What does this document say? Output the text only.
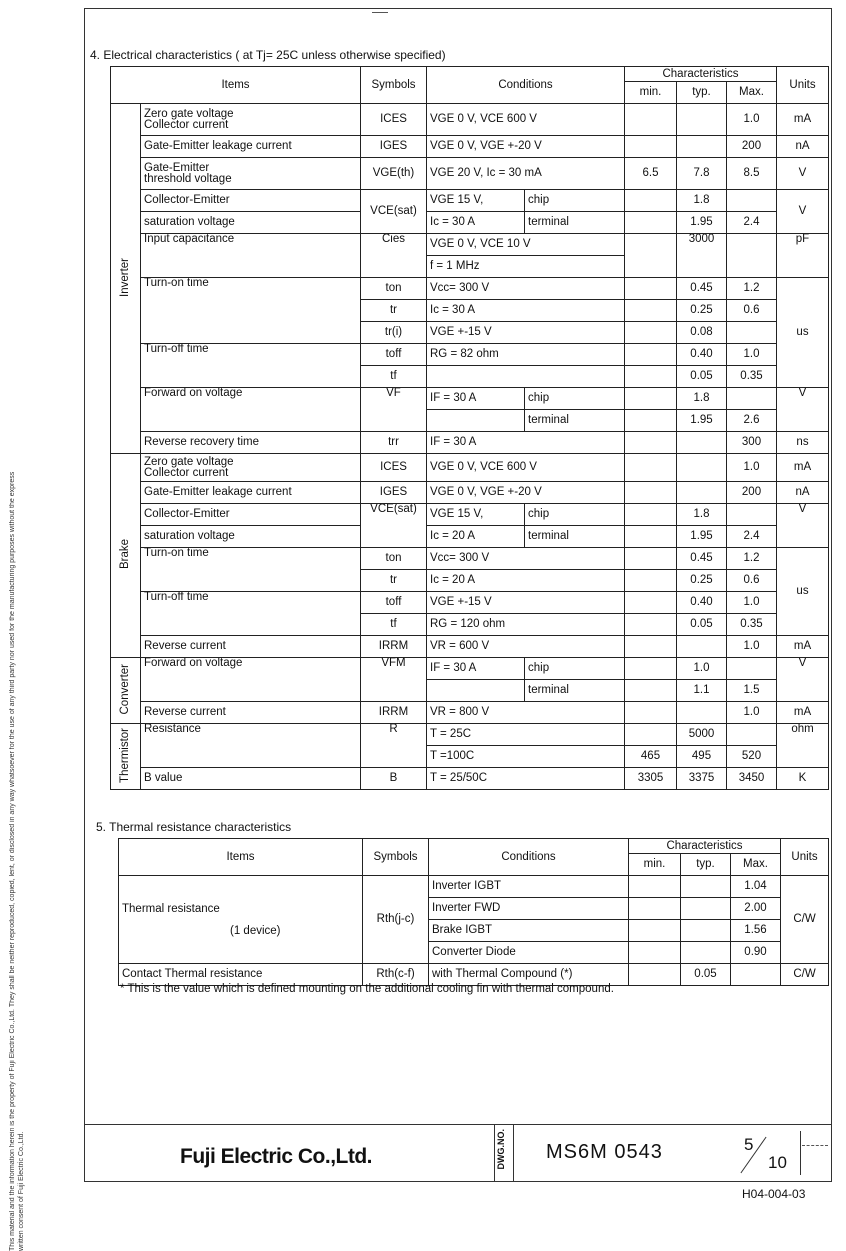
This material and the information herein is the property of Fuji Electric Co.,Ltd. They shall be neither reproduced, copied, lent, or disclosed in any way whatsoever for the use of any third party nor used for the manufacturing purposes without the express written consent of Fuji Electric Co.,Ltd.
4. Electrical characteristics ( at Tj= 25C unless otherwise specified)
Items		Symbols	Conditions		Characteristics			Units
					min.	typ.	Max.	
Inverter	Zero gate voltage
Collector current	ICES	VGE 0 V, VCE 600 V				1.0	mA
	Gate-Emitter leakage current	IGES	VGE 0 V, VGE +-20 V				200	nA
	Gate-Emitter
threshold voltage	VGE(th)	VGE 20 V, Ic = 30 mA		6.5	7.8	8.5	V
	Collector-Emitter	VCE(sat)	VGE 15 V,	chip		1.8		V
	saturation voltage		Ic = 30 A	terminal		1.95	2.4	
	Input capacitance	Cies	VGE 0 V, VCE 10 V			3000		pF
			f = 1 MHz					
	Turn-on time	ton	Vcc= 300 V			0.45	1.2	us
		tr	Ic = 30 A			0.25	0.6	
		tr(i)	VGE +-15 V			0.08		
	Turn-off time	toff	RG = 82 ohm			0.40	1.0	
		tf				0.05	0.35	
	Forward on voltage	VF	IF = 30 A	chip		1.8		V
				terminal		1.95	2.6	
	Reverse recovery time	trr	IF = 30 A				300	ns
Brake	Zero gate voltage
Collector current	ICES	VGE 0 V, VCE 600 V				1.0	mA
	Gate-Emitter leakage current	IGES	VGE 0 V, VGE +-20 V				200	nA
	Collector-Emitter	VCE(sat)	VGE 15 V,	chip		1.8		V
	saturation voltage		Ic = 20 A	terminal		1.95	2.4	
	Turn-on time	ton	Vcc= 300 V			0.45	1.2	us
		tr	Ic = 20 A			0.25	0.6	
	Turn-off time	toff	VGE +-15 V			0.40	1.0	
		tf	RG = 120 ohm			0.05	0.35	
	Reverse current	IRRM	VR = 600 V				1.0	mA
Converter	Forward on voltage	VFM	IF = 30 A	chip		1.0		V
				terminal		1.1	1.5	
	Reverse current	IRRM	VR = 800 V				1.0	mA
Thermistor	Resistance	R	T = 25C			5000		ohm
			T =100C		465	495	520	
	B value	B	T = 25/50C		3305	3375	3450	K
5. Thermal resistance characteristics
Items	Symbols	Conditions	Characteristics			Units
			min.	typ.	Max.	

Thermal resistance
(1 device)	Rth(j-c)	Inverter IGBT			1.04	C/W
		Inverter FWD			2.00	
		Brake IGBT			1.56	
		Converter Diode			0.90	
Contact Thermal resistance	Rth(c-f)	with Thermal Compound (*)		0.05		C/W
* This is the value which is defined mounting on the additional cooling fin with thermal compound.
Fuji Electric Co.,Ltd.	DWG.NO. MS6M 0543	5
10
H04-004-03
